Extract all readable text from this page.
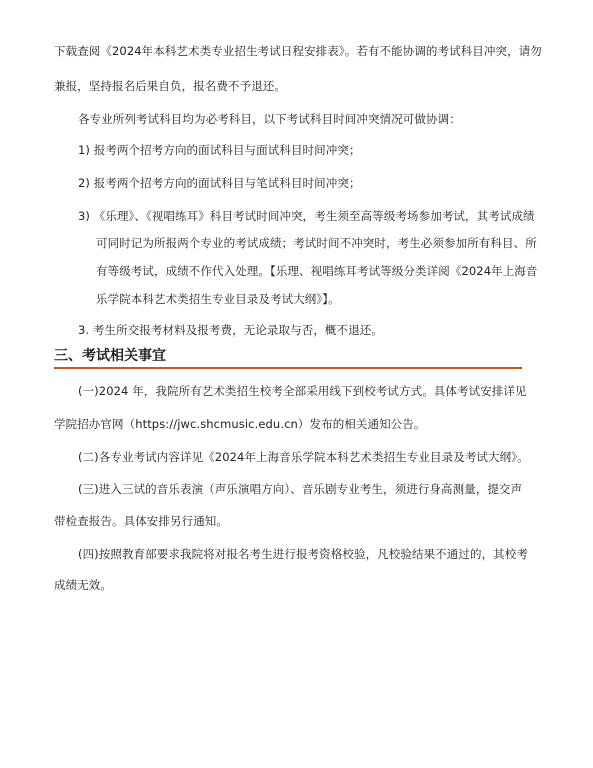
下载查阅《2024年本科艺术类专业招生考试日程安排表》。若有不能协调的考试科目冲突，请勿
兼报，坚持报名后果自负，报名费不予退还。
各专业所列考试科目均为必考科目，以下考试科目时间冲突情况可做协调：
1) 报考两个招考方向的面试科目与面试科目时间冲突；
2) 报考两个招考方向的面试科目与笔试科目时间冲突；
3) 《乐理》、《视唱练耳》科目考试时间冲突，考生须至高等级考场参加考试，其考试成绩
可同时记为所报两个专业的考试成绩；考试时间不冲突时，考生必须参加所有科目、所
有等级考试，成绩不作代入处理。【乐理、视唱练耳考试等级分类详阅《2024年上海音
乐学院本科艺术类招生专业目录及考试大纲》】。
3. 考生所交报考材料及报考费，无论录取与否，概不退还。
三、考试相关事宜
(一)2024 年，我院所有艺术类招生校考全部采用线下到校考试方式。具体考试安排详见
学院招办官网（https://jwc.shcmusic.edu.cn）发布的相关通知公告。
(二)各专业考试内容详见《2024年上海音乐学院本科艺术类招生专业目录及考试大纲》。
(三)进入三试的音乐表演（声乐演唱方向）、音乐剧专业考生，须进行身高测量，提交声
带检查报告。具体安排另行通知。
(四)按照教育部要求我院将对报名考生进行报考资格校验，凡校验结果不通过的，其校考
成绩无效。
